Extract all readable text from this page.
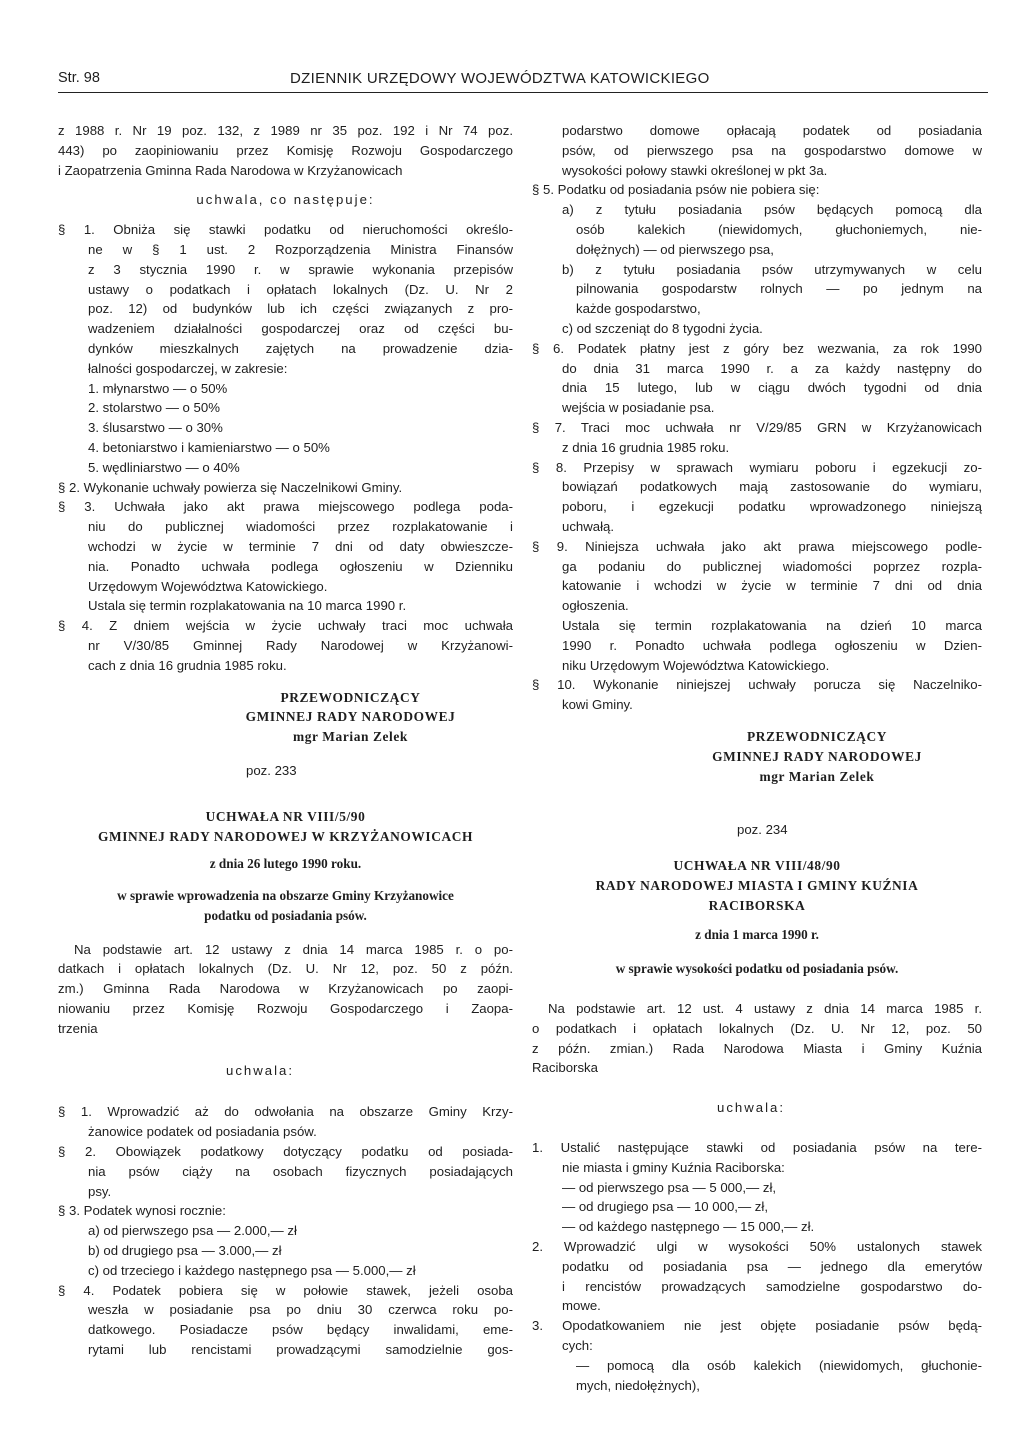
Str. 98	DZIENNIK URZĘDOWY WOJEWÓDZTWA KATOWICKIEGO
z 1988 r. Nr 19 poz. 132, z 1989 nr 35 poz. 192 i Nr 74 poz.
443) po zaopiniowaniu przez Komisję Rozwoju Gospodarczego
i Zaopatrzenia Gminna Rada Narodowa w Krzyżanowicach
uchwala, co następuje:
§ 1. Obniża się stawki podatku od nieruchomości określo-
ne w § 1 ust. 2 Rozporządzenia Ministra Finansów
z 3 stycznia 1990 r. w sprawie wykonania przepisów
ustawy o podatkach i opłatach lokalnych (Dz. U. Nr 2
poz. 12) od budynków lub ich części związanych z pro-
wadzeniem działalności gospodarczej oraz od części bu-
dynków mieszkalnych zajętych na prowadzenie dzia-
łalności gospodarczej, w zakresie:
1. młynarstwo — o 50%
2. stolarstwo — o 50%
3. ślusarstwo — o 30%
4. betoniarstwo i kamieniarstwo — o 50%
5. wędliniarstwo — o 40%
§ 2. Wykonanie uchwały powierza się Naczelnikowi Gminy.
§ 3. Uchwała jako akt prawa miejscowego podlega poda-
niu do publicznej wiadomości przez rozplakatowanie i
wchodzi w życie w terminie 7 dni od daty obwieszcze-
nia. Ponadto uchwała podlega ogłoszeniu w Dzienniku
Urzędowym Województwa Katowickiego.
Ustala się termin rozplakatowania na 10 marca 1990 r.
§ 4. Z dniem wejścia w życie uchwały traci moc uchwała
nr V/30/85 Gminnej Rady Narodowej w Krzyżanowi-
cach z dnia 16 grudnia 1985 roku.
PRZEWODNICZĄCY
GMINNEJ RADY NARODOWEJ
mgr Marian Zelek
poz. 233
UCHWAŁA NR VIII/5/90
GMINNEJ RADY NARODOWEJ W KRZYŻANOWICACH
z dnia 26 lutego 1990 roku.
w sprawie wprowadzenia na obszarze Gminy Krzyżanowice
podatku od posiadania psów.
Na podstawie art. 12 ustawy z dnia 14 marca 1985 r. o po-
datkach i opłatach lokalnych (Dz. U. Nr 12, poz. 50 z późn.
zm.) Gminna Rada Narodowa w Krzyżanowicach po zaopi-
niowaniu przez Komisję Rozwoju Gospodarczego i Zaopa-
trzenia
uchwala:
§ 1. Wprowadzić aż do odwołania na obszarze Gminy Krzy-
żanowice podatek od posiadania psów.
§ 2. Obowiązek podatkowy dotyczący podatku od posiada-
nia psów ciąży na osobach fizycznych posiadających
psy.
§ 3. Podatek wynosi rocznie:
a) od pierwszego psa — 2.000,— zł
b) od drugiego psa — 3.000,— zł
c) od trzeciego i każdego następnego psa — 5.000,— zł
§ 4. Podatek pobiera się w połowie stawek, jeżeli osoba
weszła w posiadanie psa po dniu 30 czerwca roku po-
datkowego. Posiadacze psów będący inwalidami, eme-
rytami lub rencistami prowadzącymi samodzielnie gos-
podarstwo domowe opłacają podatek od posiadania
psów, od pierwszego psa na gospodarstwo domowe w
wysokości połowy stawki określonej w pkt 3a.
§ 5. Podatku od posiadania psów nie pobiera się:
a) z tytułu posiadania psów będących pomocą dla
osób kalekich (niewidomych, głuchoniemych, nie-
dołężnych) — od pierwszego psa,
b) z tytułu posiadania psów utrzymywanych w celu
pilnowania gospodarstw rolnych — po jednym na
każde gospodarstwo,
c) od szczeniąt do 8 tygodni życia.
§ 6. Podatek płatny jest z góry bez wezwania, za rok 1990
do dnia 31 marca 1990 r. a za każdy następny do
dnia 15 lutego, lub w ciągu dwóch tygodni od dnia
wejścia w posiadanie psa.
§ 7. Traci moc uchwała nr V/29/85 GRN w Krzyżanowicach
z dnia 16 grudnia 1985 roku.
§ 8. Przepisy w sprawach wymiaru poboru i egzekucji zo-
bowiązań podatkowych mają zastosowanie do wymiaru,
poboru, i egzekucji podatku wprowadzonego niniejszą
uchwałą.
§ 9. Niniejsza uchwała jako akt prawa miejscowego podle-
ga podaniu do publicznej wiadomości poprzez rozpla-
katowanie i wchodzi w życie w terminie 7 dni od dnia
ogłoszenia.
Ustala się termin rozplakatowania na dzień 10 marca
1990 r. Ponadto uchwała podlega ogłoszeniu w Dzien-
niku Urzędowym Województwa Katowickiego.
§ 10. Wykonanie niniejszej uchwały porucza się Naczelniko-
kowi Gminy.
PRZEWODNICZĄCY
GMINNEJ RADY NARODOWEJ
mgr Marian Zelek
poz. 234
UCHWAŁA NR VIII/48/90
RADY NARODOWEJ MIASTA I GMINY KUŹNIA
RACIBORSKA
z dnia 1 marca 1990 r.
w sprawie wysokości podatku od posiadania psów.
Na podstawie art. 12 ust. 4 ustawy z dnia 14 marca 1985 r.
o podatkach i opłatach lokalnych (Dz. U. Nr 12, poz. 50
z późn. zmian.) Rada Narodowa Miasta i Gminy Kuźnia
Raciborska
uchwala:
1. Ustalić następujące stawki od posiadania psów na tere-
nie miasta i gminy Kuźnia Raciborska:
— od pierwszego psa — 5 000,— zł,
— od drugiego psa — 10 000,— zł,
— od każdego następnego — 15 000,— zł.
2. Wprowadzić ulgi w wysokości 50% ustalonych stawek
podatku od posiadania psa — jednego dla emerytów
i rencistów prowadzących samodzielne gospodarstwo do-
mowe.
3. Opodatkowaniem nie jest objęte posiadanie psów będą-
cych:
— pomocą dla osób kalekich (niewidomych, głuchonie-
mych, niedołężnych),
